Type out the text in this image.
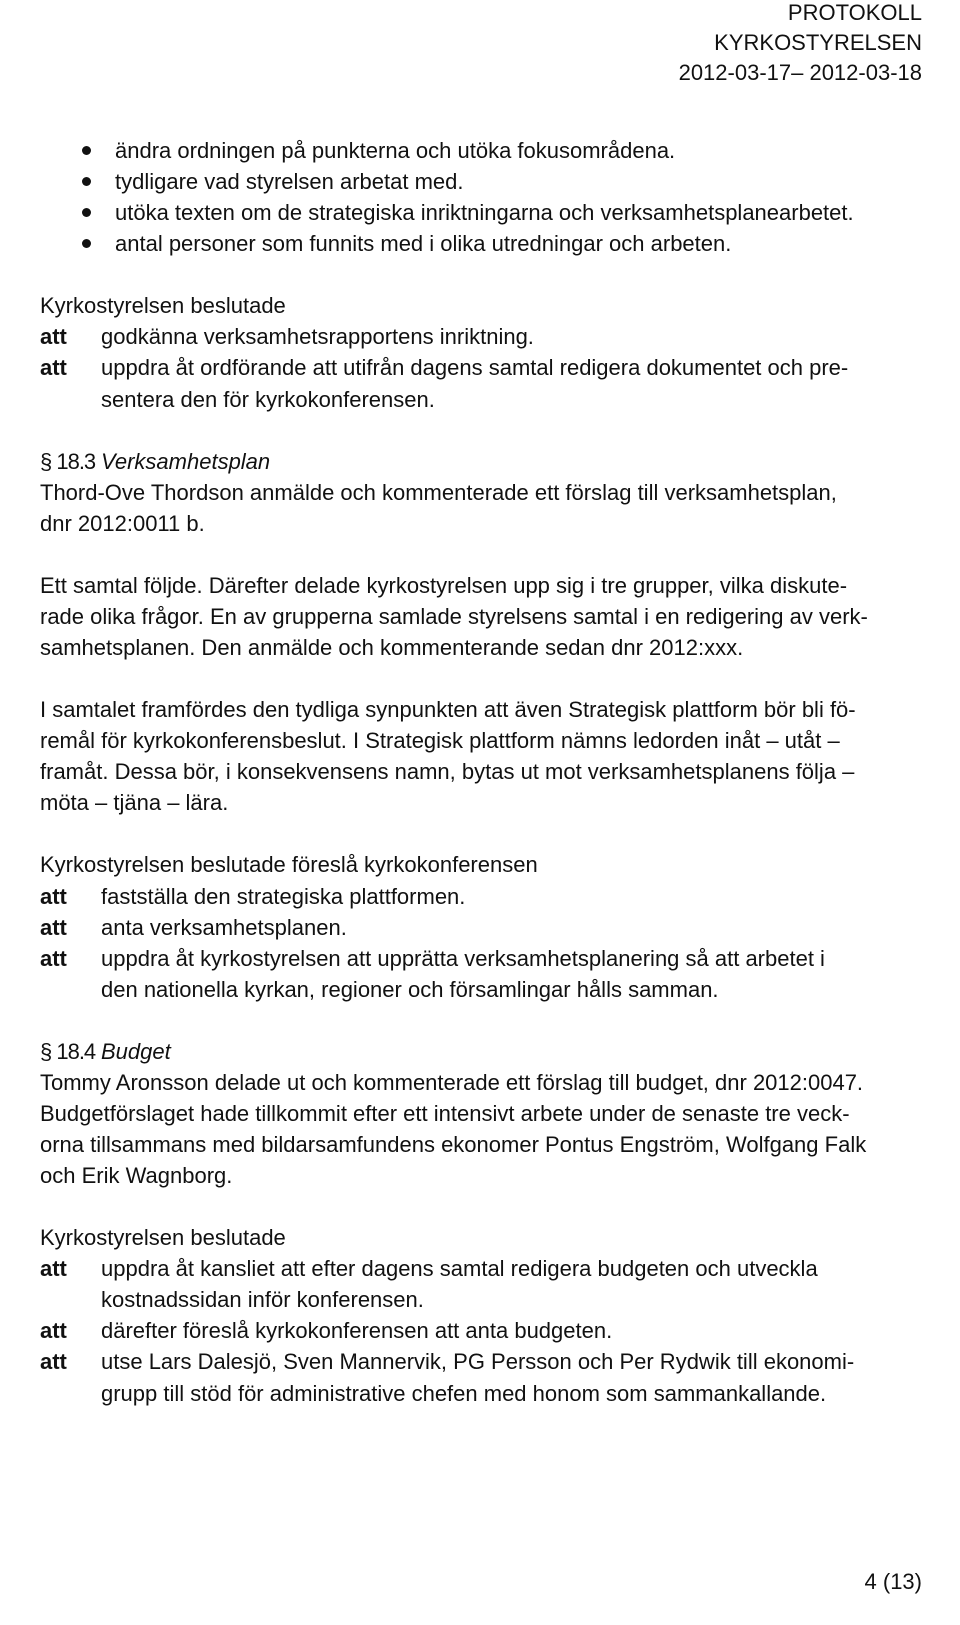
PROTOKOLL
KYRKOSTYRELSEN
2012-03-17– 2012-03-18
ändra ordningen på punkterna och utöka fokusområdena.
tydligare vad styrelsen arbetat med.
utöka texten om de strategiska inriktningarna och verksamhetsplanearbetet.
antal personer som funnits med i olika utredningar och arbeten.
Kyrkostyrelsen beslutade
att godkänna verksamhetsrapportens inriktning.
att uppdra åt ordförande att utifrån dagens samtal redigera dokumentet och pre-
sentera den för kyrkokonferensen.
§ 18.3 Verksamhetsplan
Thord-Ove Thordson anmälde och kommenterade ett förslag till verksamhetsplan,
dnr 2012:0011 b.
Ett samtal följde. Därefter delade kyrkostyrelsen upp sig i tre grupper, vilka diskute-
rade olika frågor. En av grupperna samlade styrelsens samtal i en redigering av verk-
samhetsplanen. Den anmälde och kommenterande sedan dnr 2012:xxx.
I samtalet framfördes den tydliga synpunkten att även Strategisk plattform bör bli fö-
remål för kyrkokonferensbeslut. I Strategisk plattform nämns ledorden inåt – utåt –
framåt. Dessa bör, i konsekvensens namn, bytas ut mot verksamhetsplanens följa –
möta – tjäna – lära.
Kyrkostyrelsen beslutade föreslå kyrkokonferensen
att fastställa den strategiska plattformen.
att anta verksamhetsplanen.
att uppdra åt kyrkostyrelsen att upprätta verksamhetsplanering så att arbetet i
den nationella kyrkan, regioner och församlingar hålls samman.
§ 18.4 Budget
Tommy Aronsson delade ut och kommenterade ett förslag till budget, dnr 2012:0047.
Budgetförslaget hade tillkommit efter ett intensivt arbete under de senaste tre veck-
orna tillsammans med bildarsamfundens ekonomer Pontus Engström, Wolfgang Falk
och Erik Wagnborg.
Kyrkostyrelsen beslutade
att uppdra åt kansliet att efter dagens samtal redigera budgeten och utveckla
kostnadssidan inför konferensen.
att därefter föreslå kyrkokonferensen att anta budgeten.
att utse Lars Dalesjö, Sven Mannervik, PG Persson och Per Rydwik till ekonomi-
grupp till stöd för administrative chefen med honom som sammankallande.
4 (13)
